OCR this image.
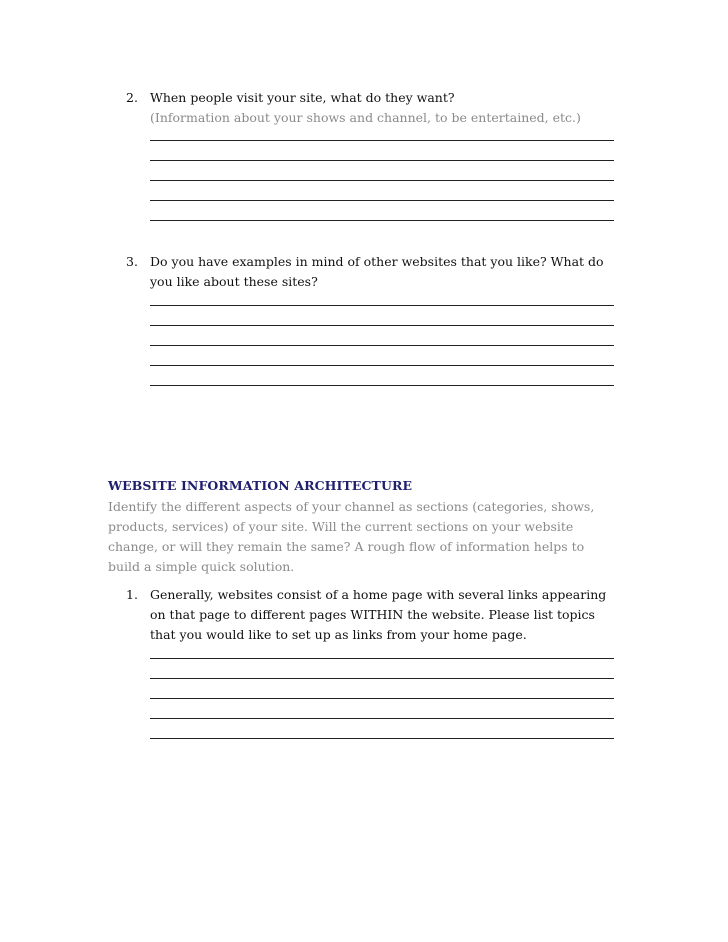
2. When people visit your site, what do they want?
(Information about your shows and channel, to be entertained, etc.)
3. Do you have examples in mind of other websites that you like? What do you like about these sites?
WEBSITE INFORMATION ARCHITECTURE
Identify the different aspects of your channel as sections (categories, shows, products, services) of your site. Will the current sections on your website change, or will they remain the same? A rough flow of information helps to build a simple quick solution.
1. Generally, websites consist of a home page with several links appearing on that page to different pages WITHIN the website. Please list topics that you would like to set up as links from your home page.
